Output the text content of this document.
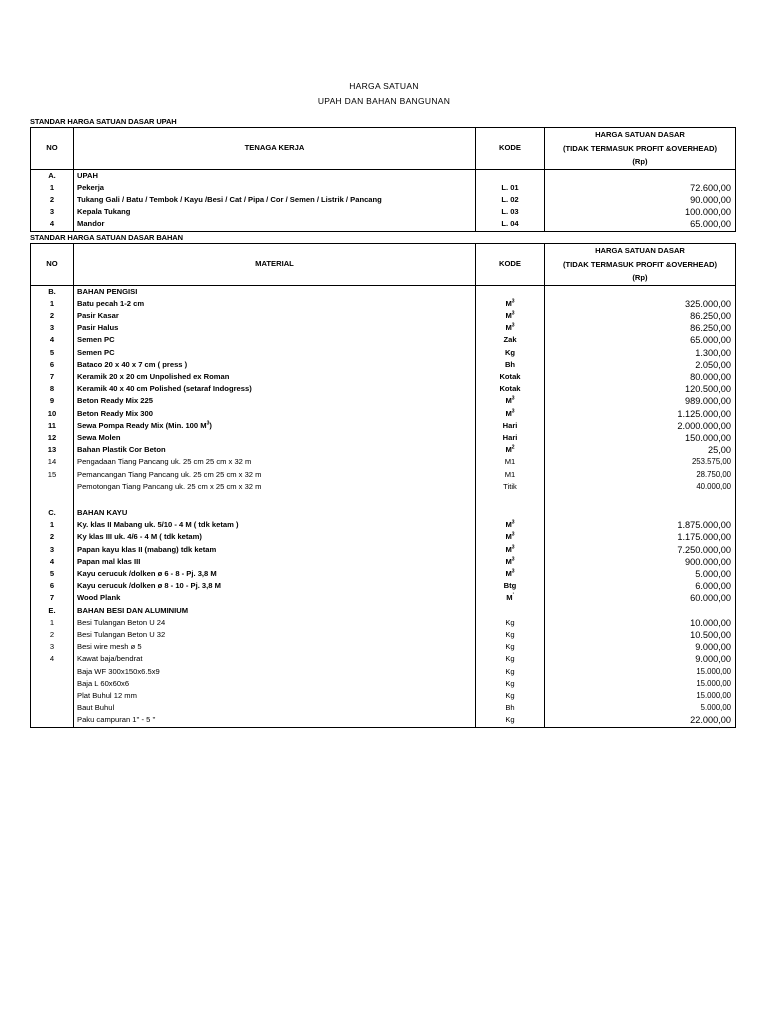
HARGA SATUAN
UPAH DAN BAHAN BANGUNAN
STANDAR HARGA SATUAN DASAR UPAH
NO	TENAGA KERJA	KODE	HARGA SATUAN DASAR
(TIDAK TERMASUK PROFIT &OVERHEAD)
(Rp)

A.	UPAH		
1	Pekerja	L. 01	72.600,00
2	Tukang Gali / Batu / Tembok / Kayu /Besi / Cat / Pipa / Cor / Semen / Listrik / Pancang	L. 02	90.000,00
3	Kepala Tukang	L. 03	100.000,00
4	Mandor	L. 04	65.000,00
NO	MATERIAL	KODE	HARGA SATUAN DASAR
(TIDAK TERMASUK PROFIT &OVERHEAD)
(Rp)

B.	BAHAN PENGISI		
1	Batu pecah 1-2 cm	$M^3$	325.000,00
2	Pasir Kasar	$M^3$	86.250,00
3	Pasir Halus	$M^3$	86.250,00
4	Semen PC	Zak	65.000,00
5	Semen PC	Kg	1.300,00
6	Bataco 20 x 40 x 7 cm ( press )	Bh	2.050,00
7	Keramik 20 x 20 cm Unpolished ex Roman	Kotak	80.000,00
8	Keramik 40 x 40 cm Polished (setaraf Indogress)	Kotak	120.500,00
9	Beton Ready Mix 225	$M^3$	989.000,00
10	Beton Ready Mix 300	$M^3$	1.125.000,00
11	Sewa Pompa Ready Mix (Min. 100 $M^3$)	Hari	2.000.000,00
12	Sewa Molen	Hari	150.000,00
13	Bahan Plastik Cor Beton	$M^2$	25,00
14	Pengadaan Tiang Pancang uk. 25 cm 25 cm x 32 m	M1	253.575,00
15	Pemancangan Tiang Pancang uk. 25 cm 25 cm x 32 m	M1	28.750,00
	Pemotongan Tiang Pancang uk. 25 cm x 25 cm x 32 m	Titik	40.000,00

C.	BAHAN KAYU		
1	Ky. klas II Mabang uk. 5/10 - 4 M ( tdk ketam )	$M^3$	1.875.000,00
2	Ky klas III uk. 4/6 - 4 M ( tdk ketam)	$M^3$	1.175.000,00
3	Papan kayu klas II (mabang) tdk ketam	$M^3$	7.250.000,00
4	Papan mal klas III	$M^3$	900.000,00
5	Kayu cerucuk /dolken ø 6 - 8 - Pj. 3,8 M	$M^3$	5.000,00
6	Kayu cerucuk /dolken ø 8 - 10 - Pj. 3,8 M	Btg	6.000,00
7	Wood Plank	M'	60.000,00
E.	BAHAN BESI DAN ALUMINIUM		
1	Besi Tulangan Beton U 24	Kg	10.000,00
2	Besi Tulangan Beton U 32	Kg	10.500,00
3	Besi wire mesh ø 5	Kg	9.000,00
4	Kawat baja/bendrat	Kg	9.000,00
	Baja WF 300x150x6.5x9	Kg	15.000,00
	Baja L 60x60x6	Kg	15.000,00
	Plat Buhul 12 mm	Kg	15.000,00
	Baut Buhul	Bh	5.000,00
	Paku campuran 1'' - 5 ''	Kg	22.000,00
STANDAR HARGA SATUAN DASAR BAHAN
